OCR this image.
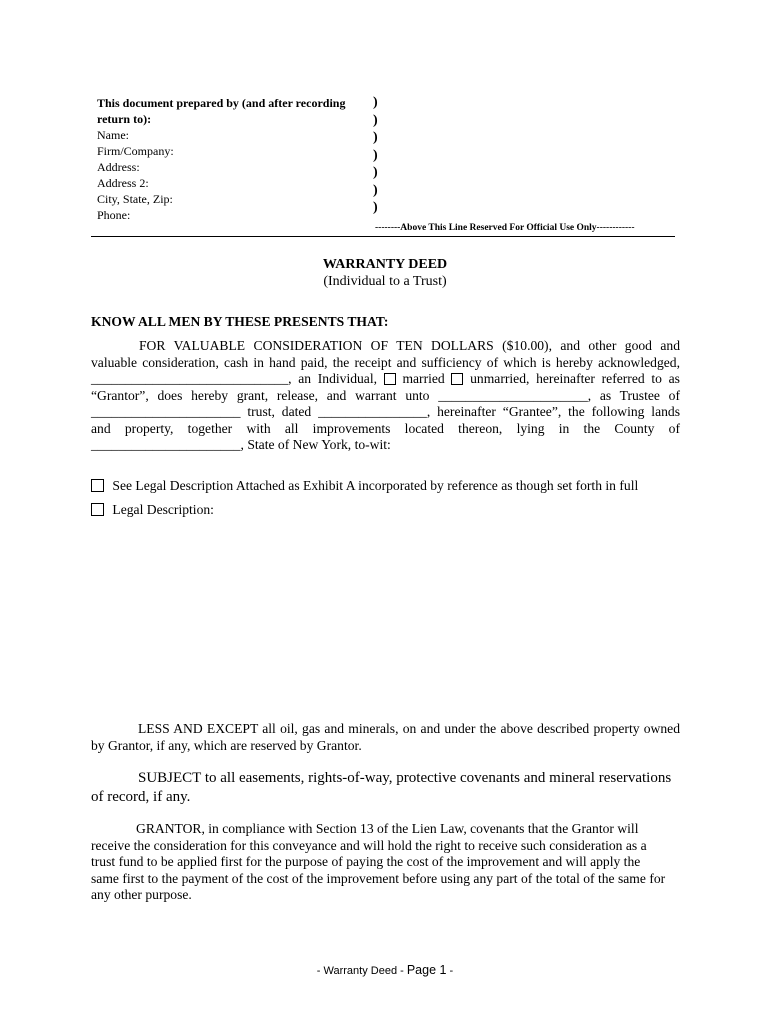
This document prepared by (and after recording
return to):
Name:
Firm/Company:
Address:
Address 2:
City, State, Zip:
Phone:
)
)
)
)
)
)
)
--------Above This Line Reserved For Official Use Only------------
WARRANTY DEED
(Individual to a Trust)
KNOW ALL MEN BY THESE PRESENTS THAT:
FOR VALUABLE CONSIDERATION OF TEN DOLLARS ($10.00), and other good and
valuable consideration, cash in hand paid, the receipt and sufficiency of which is hereby acknowledged,
_____________________________, an Individual, married unmarried, hereinafter referred to as
“Grantor”, does hereby grant, release, and warrant unto ______________________, as Trustee of
______________________ trust, dated ________________, hereinafter “Grantee”, the following lands
and property, together with all improvements located thereon, lying in the County of
______________________, State of New York, to-wit:
See Legal Description Attached as Exhibit A incorporated by reference as though set forth in full
Legal Description:
LESS AND EXCEPT all oil, gas and minerals, on and under the above described property owned
by Grantor, if any, which are reserved by Grantor.
SUBJECT to all easements, rights-of-way, protective covenants and mineral reservations
of record, if any.
GRANTOR, in compliance with Section 13 of the Lien Law, covenants that the Grantor will
receive the consideration for this conveyance and will hold the right to receive such consideration as a
trust fund to be applied first for the purpose of paying the cost of the improvement and will apply the
same first to the payment of the cost of the improvement before using any part of the total of the same for
any other purpose.
- Warranty Deed - Page 1 -
